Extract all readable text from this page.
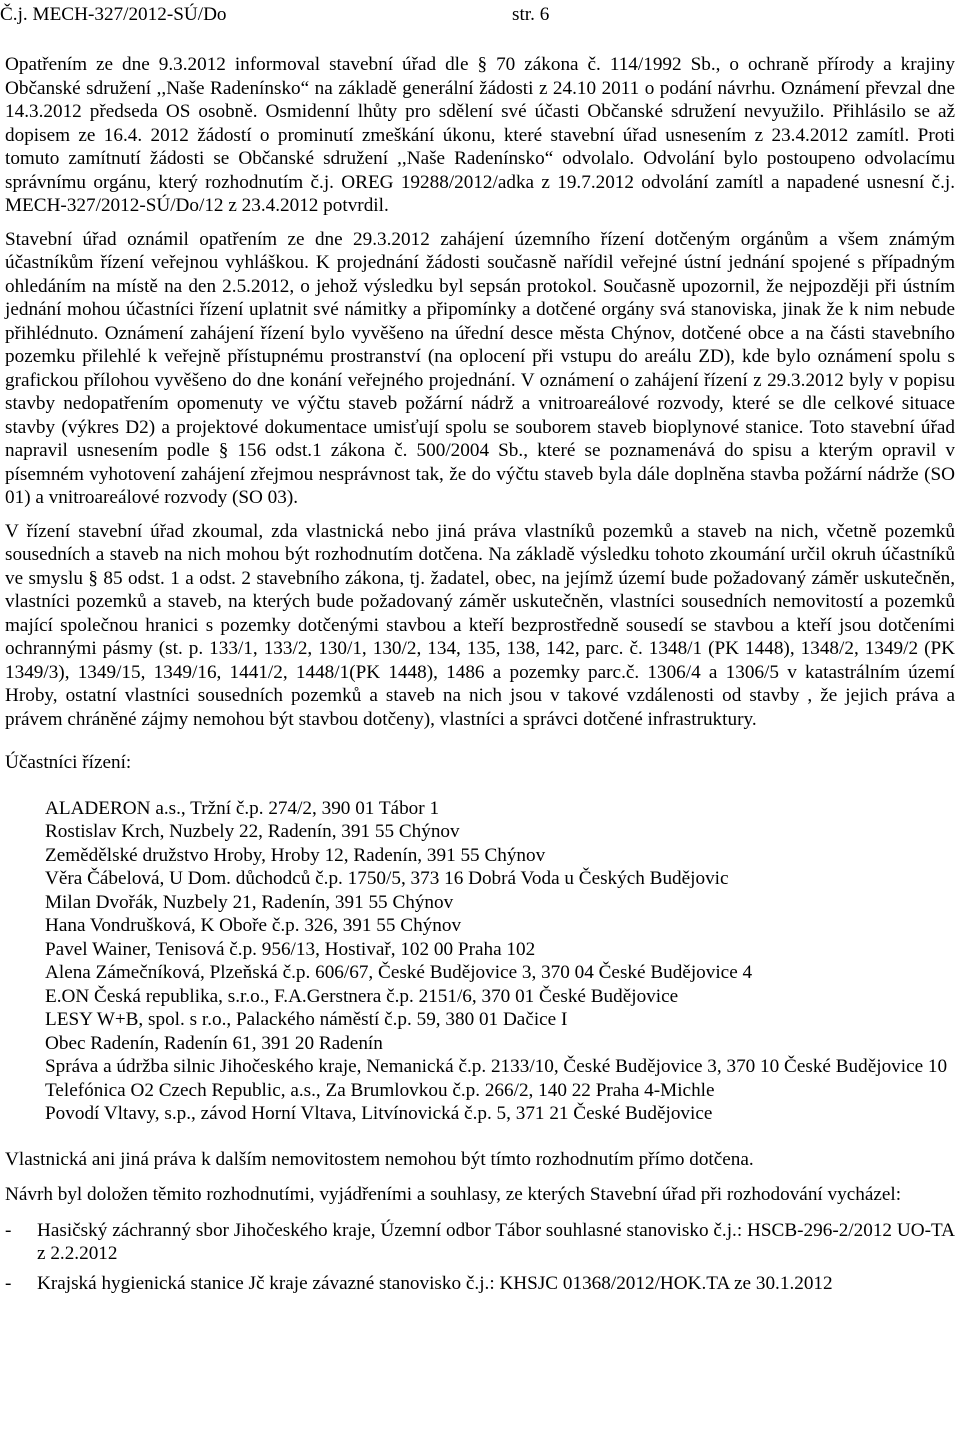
Č.j. MECH-327/2012-SÚ/Do	str. 6

Opatřením ze dne 9.3.2012 informoval stavební úřad dle § 70 zákona č. 114/1992 Sb., o ochraně přírody a krajiny Občanské sdružení ,,Naše Radenínsko“ na základě generální žádosti z 24.10 2011 o podání návrhu. Oznámení převzal dne 14.3.2012 předseda OS osobně. Osmidenní lhůty pro sdělení své účasti Občanské sdružení nevyužilo. Přihlásilo se až dopisem ze 16.4. 2012 žádostí o prominutí zmeškání úkonu, které stavební úřad usnesením z 23.4.2012 zamítl. Proti tomuto zamítnutí žádosti se Občanské sdružení ,,Naše Radenínsko“ odvolalo. Odvolání bylo postoupeno odvolacímu správnímu orgánu, který rozhodnutím č.j. OREG 19288/2012/adka z 19.7.2012 odvolání zamítl a napadené usnesní č.j. MECH-327/2012-SÚ/Do/12 z 23.4.2012 potvrdil.

Stavební úřad oznámil opatřením ze dne 29.3.2012 zahájení územního řízení dotčeným orgánům a všem známým účastníkům řízení veřejnou vyhláškou. K projednání žádosti současně nařídil veřejné ústní jednání spojené s případným ohledáním na místě na den 2.5.2012, o jehož výsledku byl sepsán protokol. Současně upozornil, že nejpozději při ústním jednání mohou účastníci řízení uplatnit své námitky a připomínky a dotčené orgány svá stanoviska, jinak že k nim nebude přihlédnuto. Oznámení zahájení řízení bylo vyvěšeno na úřední desce města Chýnov, dotčené obce a na části stavebního pozemku přilehlé k veřejně přístupnému prostranství (na oplocení při vstupu do areálu ZD), kde bylo oznámení spolu s grafickou přílohou vyvěšeno do dne konání veřejného projednání. V oznámení o zahájení řízení z 29.3.2012 byly v popisu stavby nedopatřením opomenuty ve výčtu staveb požární nádrž a vnitroareálové rozvody, které se dle celkové situace stavby (výkres D2) a projektové dokumentace umisťují spolu se souborem staveb bioplynové stanice. Toto stavební úřad napravil usnesením podle § 156 odst.1 zákona č. 500/2004 Sb., které se poznamenává do spisu a kterým opravil v písemném vyhotovení zahájení zřejmou nesprávnost tak, že do výčtu staveb byla dále doplněna stavba požární nádrže (SO 01) a vnitroareálové rozvody (SO 03).

V řízení stavební úřad zkoumal, zda vlastnická nebo jiná práva vlastníků pozemků a staveb na nich, včetně pozemků sousedních a staveb na nich mohou být rozhodnutím dotčena. Na základě výsledku tohoto zkoumání určil okruh účastníků ve smyslu § 85 odst. 1 a odst. 2 stavebního zákona, tj. žadatel, obec, na jejímž území bude požadovaný záměr uskutečněn, vlastníci pozemků a staveb, na kterých bude požadovaný záměr uskutečněn, vlastníci sousedních nemovitostí a pozemků mající společnou hranici s pozemky dotčenými stavbou a kteří bezprostředně sousedí se stavbou a kteří jsou dotčeními ochrannými pásmy (st. p. 133/1, 133/2, 130/1, 130/2, 134, 135, 138, 142, parc. č. 1348/1 (PK 1448), 1348/2, 1349/2 (PK 1349/3), 1349/15, 1349/16, 1441/2, 1448/1(PK 1448), 1486 a pozemky parc.č. 1306/4 a 1306/5 v katastrálním území Hroby, ostatní vlastníci sousedních pozemků a staveb na nich jsou v takové vzdálenosti od stavby , že jejich práva a právem chráněné zájmy nemohou být stavbou dotčeny), vlastníci a správci dotčené infrastruktury.

Účastníci řízení:
ALADERON a.s., Tržní č.p. 274/2, 390 01 Tábor 1
Rostislav Krch, Nuzbely 22, Radenín, 391 55 Chýnov
Zemědělské družstvo Hroby, Hroby 12, Radenín, 391 55 Chýnov
Věra Čábelová, U Dom. důchodců č.p. 1750/5, 373 16 Dobrá Voda u Českých Budějovic
Milan Dvořák, Nuzbely 21, Radenín, 391 55 Chýnov
Hana Vondrušková, K Oboře č.p. 326, 391 55 Chýnov
Pavel Wainer, Tenisová č.p. 956/13, Hostivař, 102 00 Praha 102
Alena Zámečníková, Plzeňská č.p. 606/67, České Budějovice 3, 370 04 České Budějovice 4
E.ON Česká republika, s.r.o., F.A.Gerstnera č.p. 2151/6, 370 01 České Budějovice
LESY W+B, spol. s r.o., Palackého náměstí č.p. 59, 380 01 Dačice I
Obec Radenín, Radenín 61, 391 20 Radenín
Správa a údržba silnic Jihočeského kraje, Nemanická č.p. 2133/10, České Budějovice 3, 370 10 České Budějovice 10
Telefónica O2 Czech Republic, a.s., Za Brumlovkou č.p. 266/2, 140 22 Praha 4-Michle
Povodí Vltavy, s.p., závod Horní Vltava, Litvínovická č.p. 5, 371 21 České Budějovice

Vlastnická ani jiná práva k dalším nemovitostem nemohou být tímto rozhodnutím přímo dotčena.

Návrh byl doložen těmito rozhodnutími, vyjádřeními a souhlasy, ze kterých Stavební úřad při rozhodování vycházel:

-	Hasičský záchranný sbor Jihočeského kraje, Územní odbor Tábor souhlasné stanovisko č.j.: HSCB-296-2/2012 UO-TA z 2.2.2012
-	Krajská hygienická stanice Jč kraje závazné stanovisko č.j.: KHSJC 01368/2012/HOK.TA ze 30.1.2012
